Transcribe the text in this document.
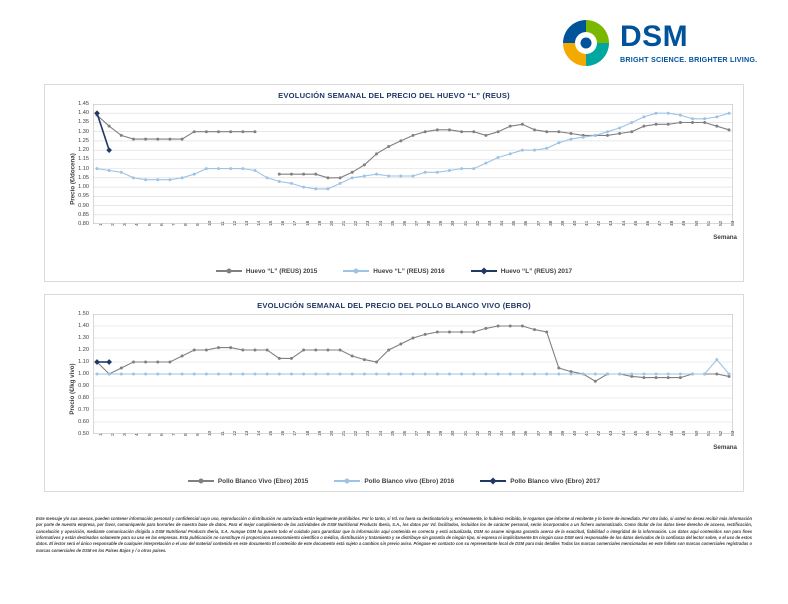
DSM
BRIGHT SCIENCE. BRIGHTER LIVING.
EVOLUCIÓN SEMANAL DEL PRECIO DEL HUEVO “L” (REUS)
Precio (€/docena)
0.80
0.85
0.90
0.95
1.00
1.05
1.10
1.15
1.20
1.25
1.30
1.35
1.40
1.45
1 2 3 4 5 6 7 8 9 10 11 12 13 14 15 16 17 18 19 20 21 22 23 24 25 26 27 28 29 30 31 32 33 34 35 36 37 38 39 40 41 42 43 44 45 46 47 48 49 50 51 52 53
Semana
Huevo “L” (REUS) 2015	Huevo “L” (REUS) 2016	Huevo “L” (REUS) 2017
EVOLUCIÓN SEMANAL DEL PRECIO DEL POLLO BLANCO VIVO (EBRO)
Precio (€/kg vivo)
0.50
0.60
0.70
0.80
0.90
1.00
1.10
1.20
1.30
1.40
1.50
1 2 3 4 5 6 7 8 9 10 11 12 13 14 15 16 17 18 19 20 21 22 23 24 25 26 27 28 29 30 31 32 33 34 35 36 37 38 39 40 41 42 43 44 45 46 47 48 49 50 51 52 53
Semana
Pollo Blanco Vivo (Ebro) 2015	Pollo Blanco vivo (Ebro) 2016	Pollo Blanco vivo (Ebro) 2017
Este mensaje y/o sus anexos, pueden contener información personal y confidencial cuyo uso, reproducción o distribución no autorizada están legalmente prohibidos. Por lo tanto, si Vd. no fuera su destinatario/a y, erróneamente, lo hubiera recibido, le rogamos que informe al remitente y lo borre de inmediato. Por otro lado, si usted no desea recibir más información por parte de nuestra empresa, por favor, comuníquenlo para borrarles de nuestra base de datos. Para el mejor cumplimiento de las actividades de DSM Nutritional Products Iberia, S.A., los datos por Vd. facilitados, incluidos los de carácter personal, serán incorporados a un fichero automatizado. Como titular de los datos tiene derecho de acceso, rectificación, cancelación y oposición, mediante comunicación dirigida a DSM Nutritional Products Iberia, S.A. Aunque DSM ha puesto todo el cuidado para garantizar que la información aquí contenida es correcta y está actualizada, DSM no asume ninguna garantía acerca de la exactitud, fiabilidad o integridad de la información. Los datos aquí contenidos son para fines informativos y están destinados solamente para su uso en las empresas. Esta publicación no constituye ni proporciona asesoramiento científico o médico, distribución y tratamiento y se distribuye sin garantía de ningún tipo, ni expresa ni implícitamente En ningún caso DSM será responsable de los datos derivados de la confianza del lector sobre, o el uso de estos datos. El lector será el único responsable de cualquier interpretación o el uso del material contenido en este documento El contenido de este documento está sujeto a cambios sin previo aviso. Póngase en contacto con su representante local de DSM para más detalles Todas las marcas comerciales mencionadas en este folleto son marcas comerciales registradas o marcas comerciales de DSM en los Países Bajos y / o otros países.
